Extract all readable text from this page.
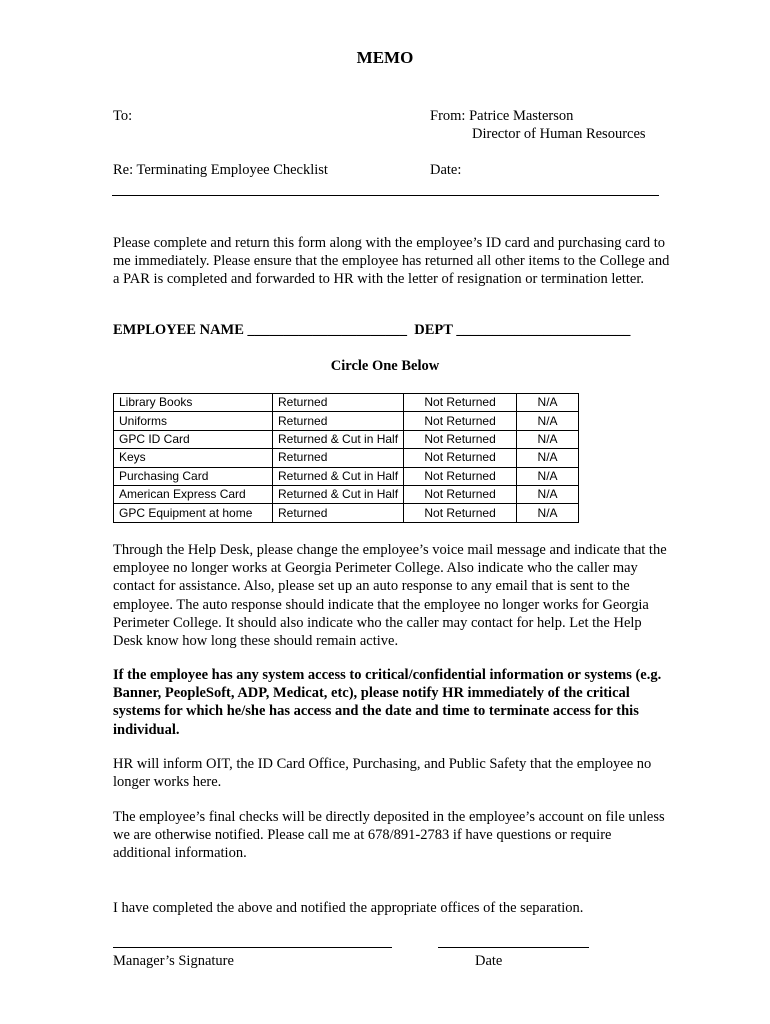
MEMO
To:	From: Patrice Masterson
Director of Human Resources
Re: Terminating Employee Checklist	Date:
Please complete and return this form along with the employee’s ID card and purchasing card to me immediately. Please ensure that the employee has returned all other items to the College and a PAR is completed and forwarded to HR with the letter of resignation or termination letter.
EMPLOYEE NAME ______________________ DEPT ________________________
Circle One Below
Library Books	Returned	Not Returned	N/A
Uniforms	Returned	Not Returned	N/A
GPC ID Card	Returned & Cut in Half	Not Returned	N/A
Keys	Returned	Not Returned	N/A
Purchasing Card	Returned & Cut in Half	Not Returned	N/A
American Express Card	Returned & Cut in Half	Not Returned	N/A
GPC Equipment at home	Returned	Not Returned	N/A
Through the Help Desk, please change the employee’s voice mail message and indicate that the employee no longer works at Georgia Perimeter College. Also indicate who the caller may contact for assistance. Also, please set up an auto response to any email that is sent to the employee. The auto response should indicate that the employee no longer works for Georgia Perimeter College. It should also indicate who the caller may contact for help. Let the Help Desk know how long these should remain active.
If the employee has any system access to critical/confidential information or systems (e.g. Banner, PeopleSoft, ADP, Medicat, etc), please notify HR immediately of the critical systems for which he/she has access and the date and time to terminate access for this individual.
HR will inform OIT, the ID Card Office, Purchasing, and Public Safety that the employee no longer works here.
The employee’s final checks will be directly deposited in the employee’s account on file unless we are otherwise notified. Please call me at 678/891-2783 if have questions or require additional information.
I have completed the above and notified the appropriate offices of the separation.
Manager’s Signature	Date
